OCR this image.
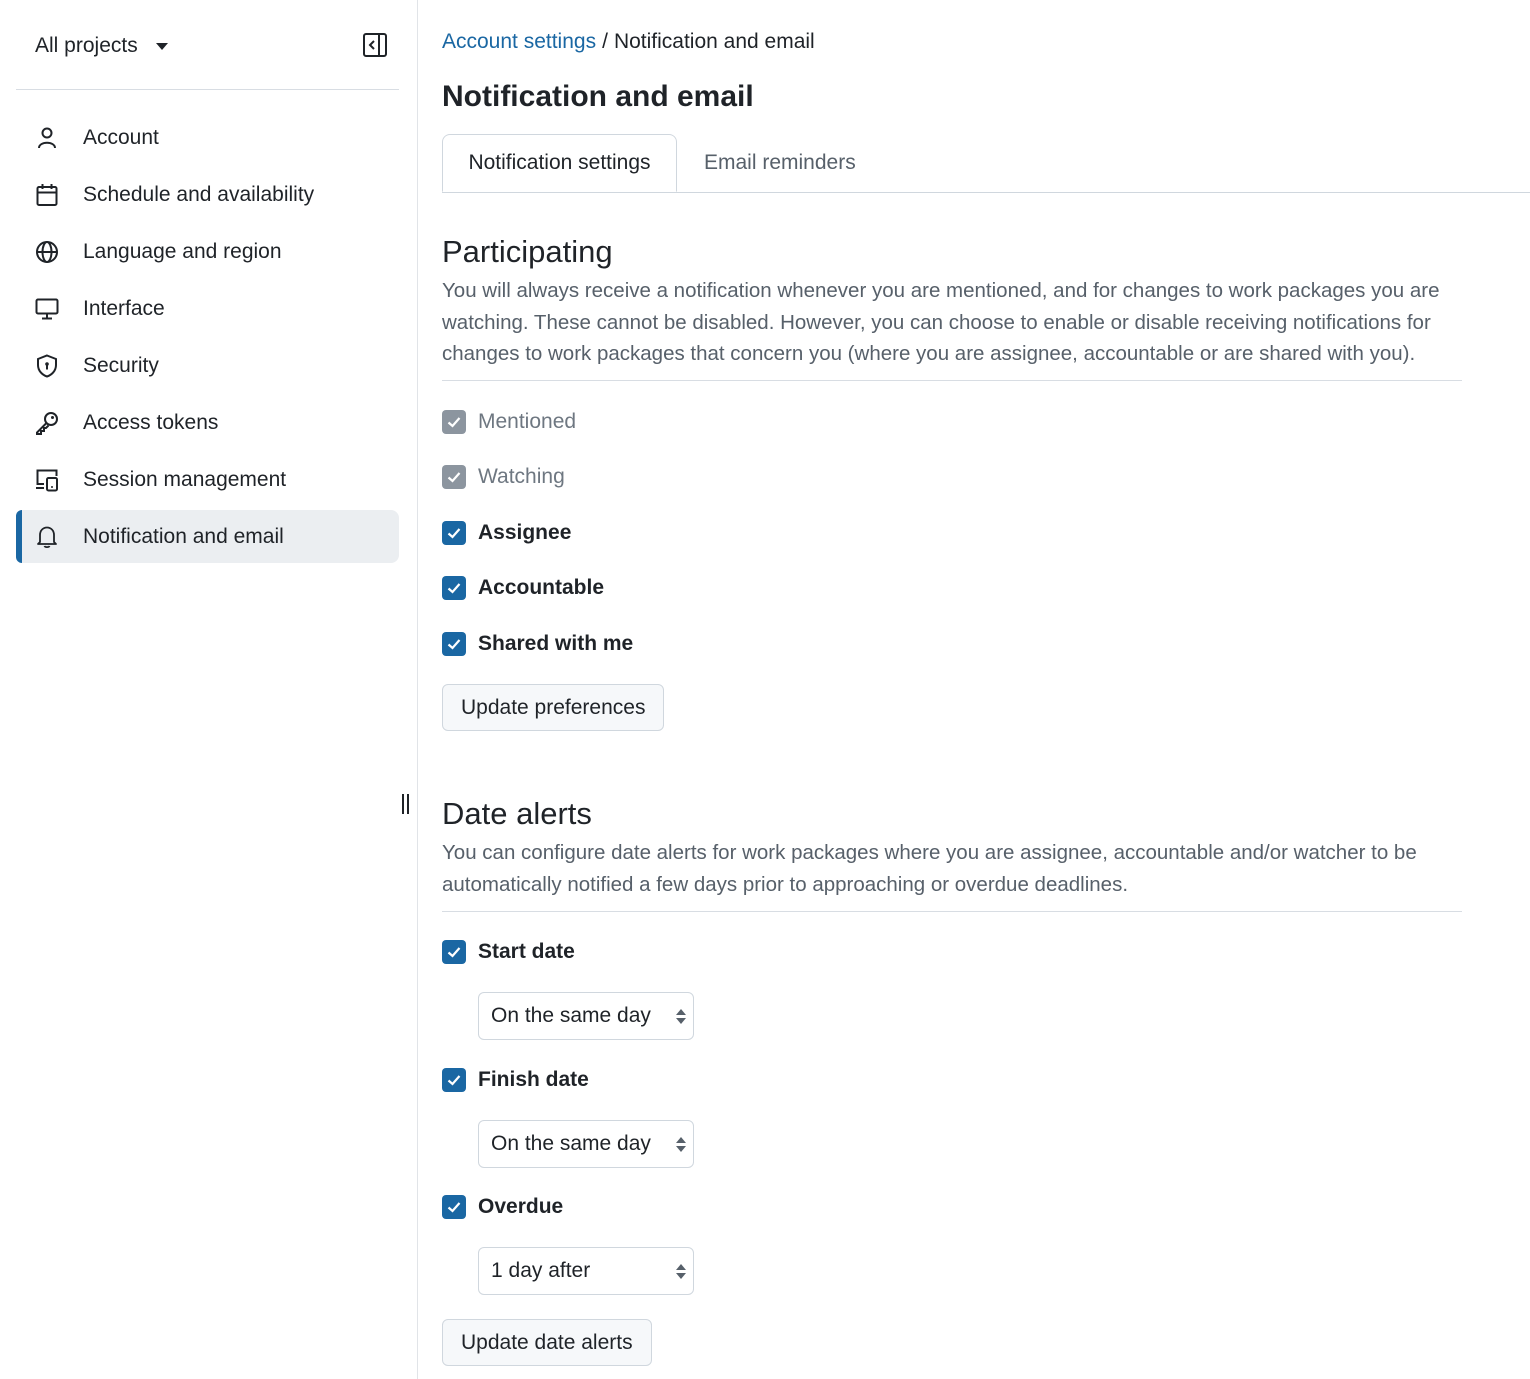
All projects
Account
Schedule and availability
Language and region
Interface
Security
Access tokens
Session management
Notification and email
Account settings / Notification and email
Notification and email
Notification settings	Email reminders
Participating

You will always receive a notification whenever you are mentioned, and for changes to work packages you are watching. These cannot be disabled. However, you can choose to enable or disable receiving notifications for changes to work packages that concern you (where you are assignee, accountable or are shared with you).

Mentioned
Watching
Assignee
Accountable
Shared with me
Update preferences
Date alerts

You can configure date alerts for work packages where you are assignee, accountable and/or watcher to be automatically notified a few days prior to approaching or overdue deadlines.

Start date
On the same day
Finish date
On the same day
Overdue
1 day after
Update date alerts
